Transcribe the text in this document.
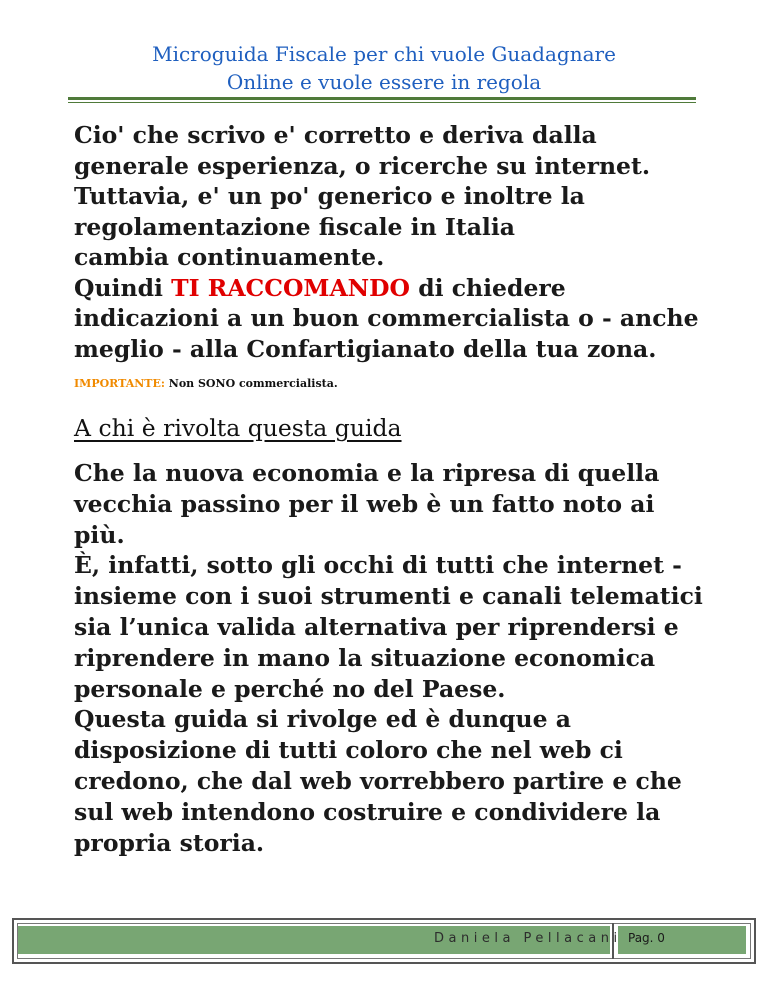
Microguida Fiscale per chi vuole Guadagnare
Online e vuole essere in regola

Cio' che scrivo e' corretto e deriva dalla

generale esperienza, o ricerche su internet.

Tuttavia, e' un po' generico e inoltre la

regolamentazione fiscale in Italia

cambia continuamente.

Quindi TI RACCOMANDO di chiedere

indicazioni a un buon commercialista o - anche

meglio - alla Confartigianato della tua zona.

IMPORTANTE: Non SONO commercialista.
A chi è rivolta questa guida

Che la nuova economia e la ripresa di quella

vecchia passino per il web è un fatto noto ai

più.

È, infatti, sotto gli occhi di tutti che internet -

insieme con i suoi strumenti e canali telematici

sia l’unica valida alternativa per riprendersi e

riprendere in mano la situazione economica

personale e perché no del Paese.

Questa guida si rivolge ed è dunque a

disposizione di tutti coloro che nel web ci

credono, che dal web vorrebbero partire e che

sul web intendono costruire e condividere la

propria storia.

Daniela Pellacani Pag. 0
